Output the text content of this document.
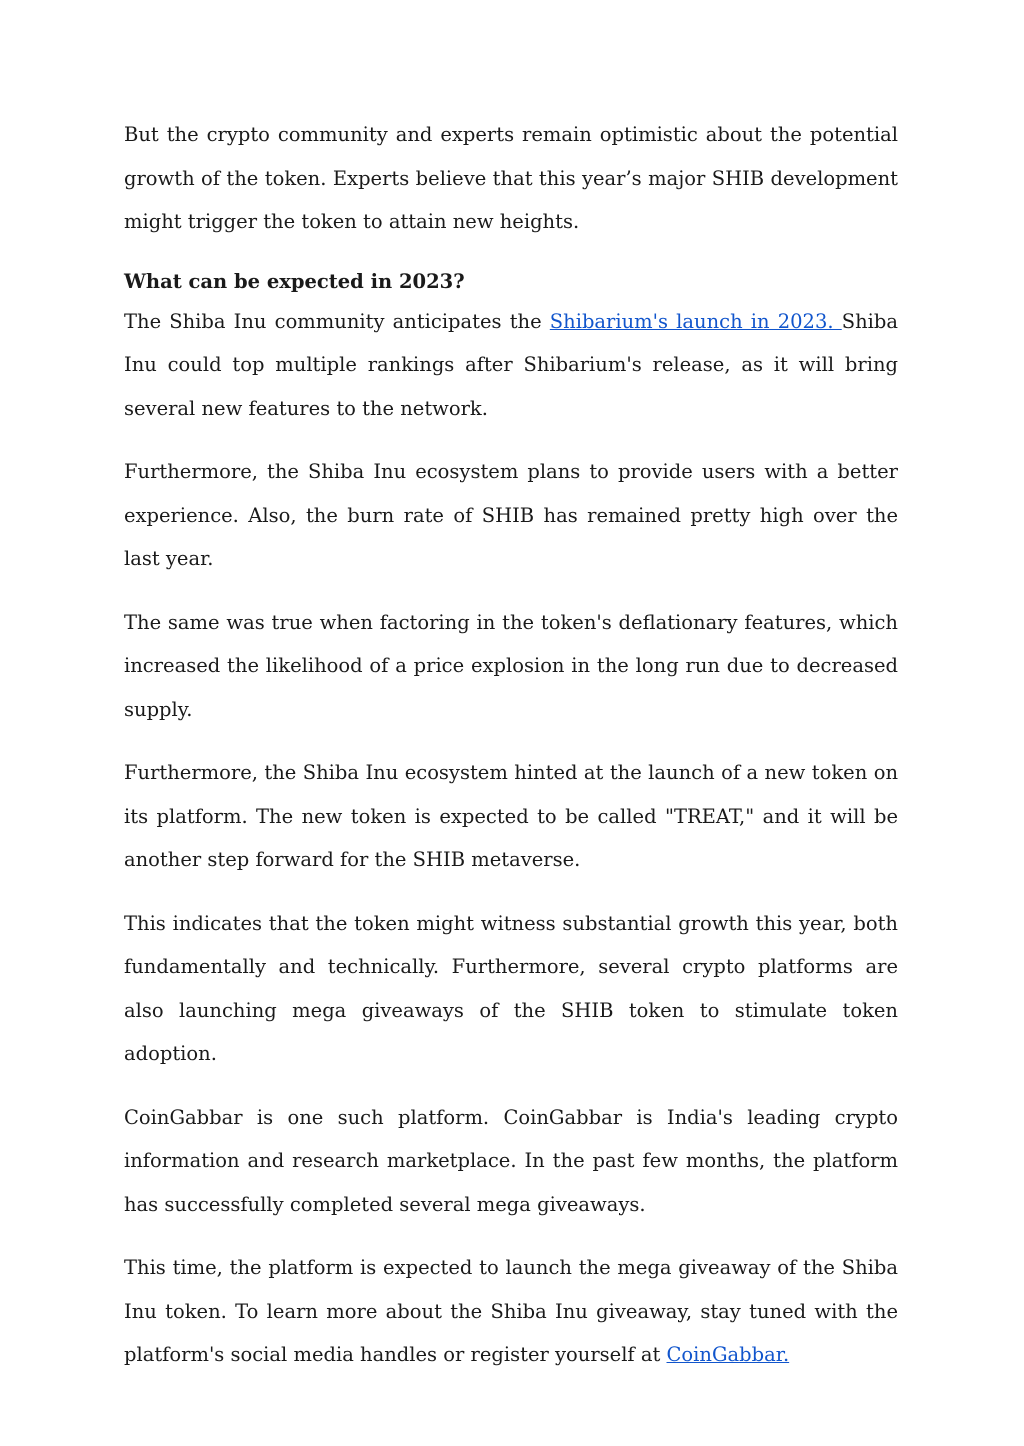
But the crypto community and experts remain optimistic about the potential growth of the token. Experts believe that this year’s major SHIB development might trigger the token to attain new heights.

What can be expected in 2023?

The Shiba Inu community anticipates the Shibarium's launch in 2023. Shiba Inu could top multiple rankings after Shibarium's release, as it will bring several new features to the network.

Furthermore, the Shiba Inu ecosystem plans to provide users with a better experience. Also, the burn rate of SHIB has remained pretty high over the last year.

The same was true when factoring in the token's deflationary features, which increased the likelihood of a price explosion in the long run due to decreased supply.

Furthermore, the Shiba Inu ecosystem hinted at the launch of a new token on its platform. The new token is expected to be called "TREAT," and it will be another step forward for the SHIB metaverse.

This indicates that the token might witness substantial growth this year, both fundamentally and technically. Furthermore, several crypto platforms are also launching mega giveaways of the SHIB token to stimulate token adoption.

CoinGabbar is one such platform. CoinGabbar is India's leading crypto information and research marketplace. In the past few months, the platform has successfully completed several mega giveaways.

This time, the platform is expected to launch the mega giveaway of the Shiba Inu token. To learn more about the Shiba Inu giveaway, stay tuned with the platform's social media handles or register yourself at CoinGabbar.
